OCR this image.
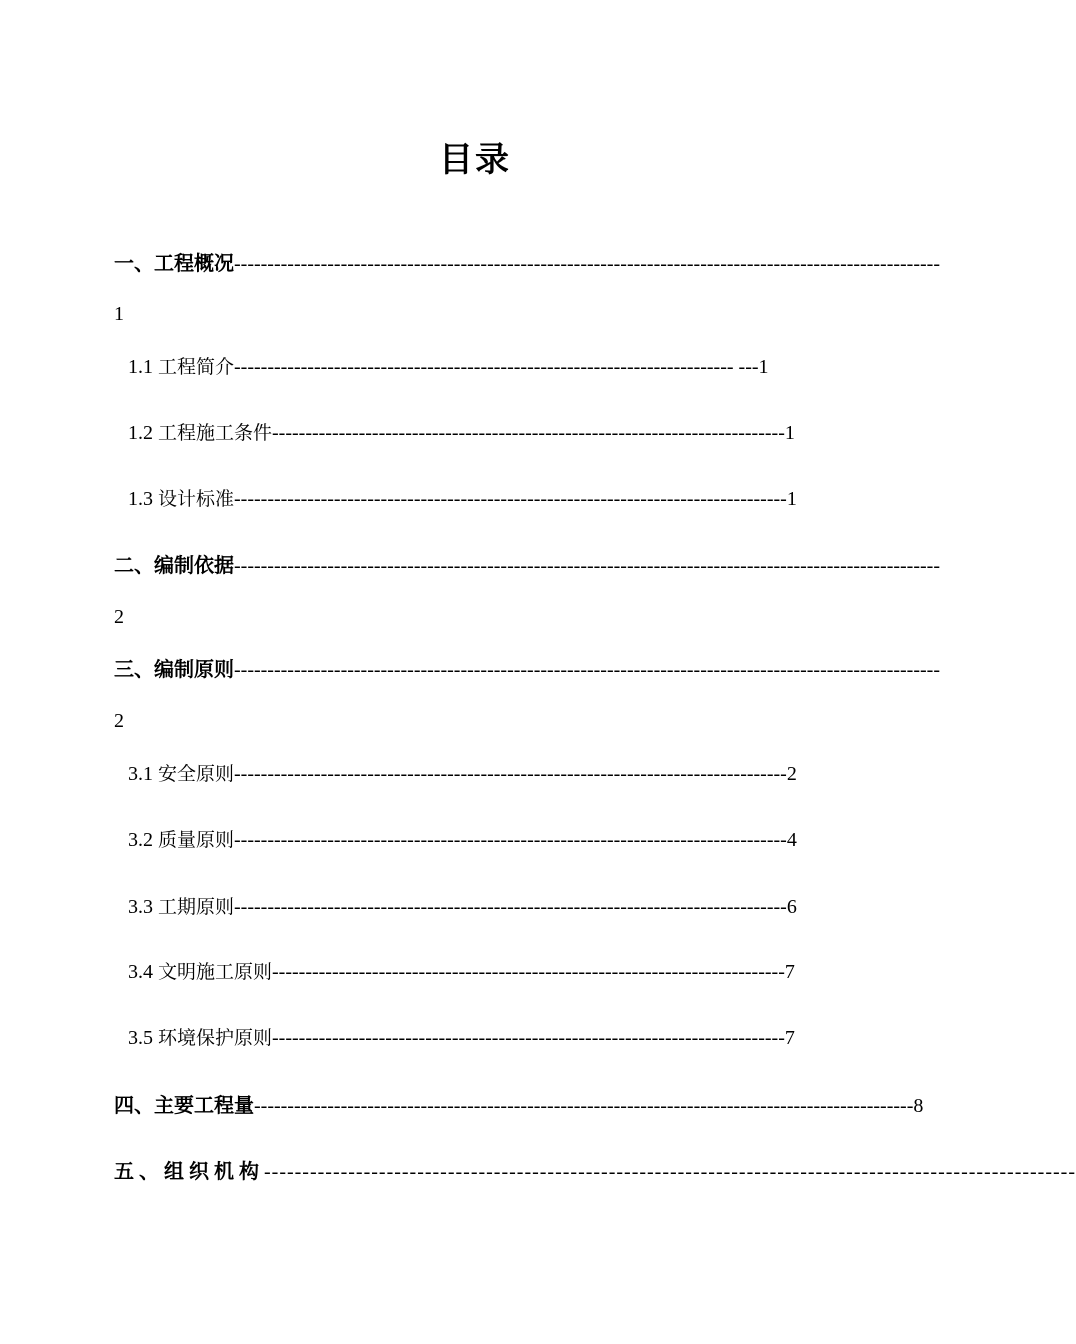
目录
一、工程概况----------------------------------------------------------------------------------------------------------
1
1.1 工程简介--------------------------------------------------------------------------- ---1
1.2 工程施工条件-----------------------------------------------------------------------------1
1.3 设计标准-----------------------------------------------------------------------------------1
二、编制依据----------------------------------------------------------------------------------------------------------
2
三、编制原则----------------------------------------------------------------------------------------------------------
2
3.1 安全原则-----------------------------------------------------------------------------------2
3.2 质量原则-----------------------------------------------------------------------------------4
3.3 工期原则-----------------------------------------------------------------------------------6
3.4 文明施工原则-----------------------------------------------------------------------------7
3.5 环境保护原则-----------------------------------------------------------------------------7
四、主要工程量---------------------------------------------------------------------------------------------------8
五、组织机构----------------------------------------------------------------------------------------------------------
